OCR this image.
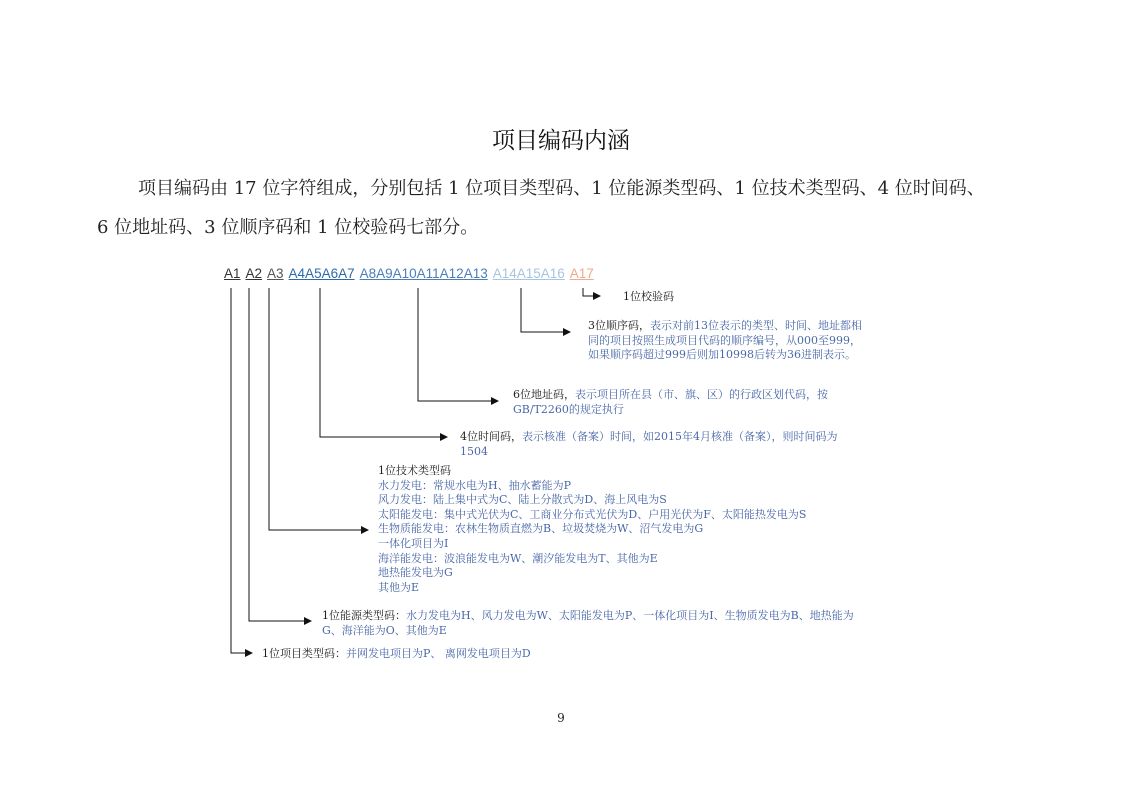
项目编码内涵
项目编码由 17 位字符组成，分别包括 1 位项目类型码、1 位能源类型码、1 位技术类型码、4 位时间码、
6 位地址码、3 位顺序码和 1 位校验码七部分。
A1 A2 A3 A4A5A6A7 A8A9A10A11A12A13 A14A15A16 A17
1位校验码
3位顺序码，表示对前13位表示的类型、时间、地址都相同的项目按照生成项目代码的顺序编号，从000至999，如果顺序码超过999后则加10998后转为36进制表示。
6位地址码，表示项目所在县（市、旗、区）的行政区划代码，按GB/T2260的规定执行
4位时间码，表示核准（备案）时间，如2015年4月核准（备案），则时间码为1504
1位技术类型码
水力发电：常规水电为H、抽水蓄能为P
风力发电：陆上集中式为C、陆上分散式为D、海上风电为S
太阳能发电：集中式光伏为C、工商业分布式光伏为D、户用光伏为F、太阳能热发电为S
生物质能发电：农林生物质直燃为B、垃圾焚烧为W、沼气发电为G
一体化项目为I
海洋能发电：波浪能发电为W、潮汐能发电为T、其他为E
地热能发电为G
其他为E
1位能源类型码：水力发电为H、风力发电为W、太阳能发电为P、一体化项目为I、生物质发电为B、地热能为G、海洋能为O、其他为E
1位项目类型码：并网发电项目为P、 离网发电项目为D
9
